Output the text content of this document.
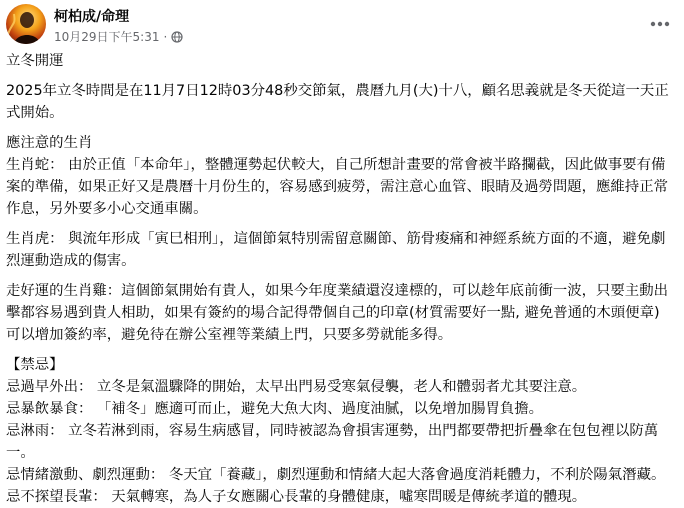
柯柏成/命理
10月29日下午5:31 ·

立冬開運

2025年立冬時間是在11月7日12時03分48秒交節氣，農曆九月(大)十八，顧名思義就是冬天從這一天正式開始。

應注意的生肖

生肖蛇： 由於正值「本命年」，整體運勢起伏較大，自己所想計畫要的常會被半路攔截，因此做事要有備案的準備，如果正好又是農曆十月份生的，容易感到疲勞，需注意心血管、眼睛及過勞問題，應維持正常作息，另外要多小心交通車關。

生肖虎： 與流年形成「寅巳相刑」，這個節氣特別需留意關節、筋骨痠痛和神經系統方面的不適，避免劇烈運動造成的傷害。

走好運的生肖雞：這個節氣開始有貴人，如果今年度業績還沒達標的，可以趁年底前衝一波，只要主動出擊都容易遇到貴人相助，如果有簽約的場合記得帶個自己的印章(材質需要好一點, 避免普通的木頭便章)可以增加簽約率，避免待在辦公室裡等業績上門，只要多勞就能多得。

【禁忌】

忌過早外出： 立冬是氣溫驟降的開始，太早出門易受寒氣侵襲，老人和體弱者尤其要注意。

忌暴飲暴食： 「補冬」應適可而止，避免大魚大肉、過度油膩，以免增加腸胃負擔。

忌淋雨： 立冬若淋到雨，容易生病感冒，同時被認為會損害運勢，出門都要帶把折疊傘在包包裡以防萬一。

忌情緒激動、劇烈運動： 冬天宜「養藏」，劇烈運動和情緒大起大落會過度消耗體力，不利於陽氣潛藏。

忌不探望長輩： 天氣轉寒，為人子女應關心長輩的身體健康，噓寒問暖是傳統孝道的體現。
